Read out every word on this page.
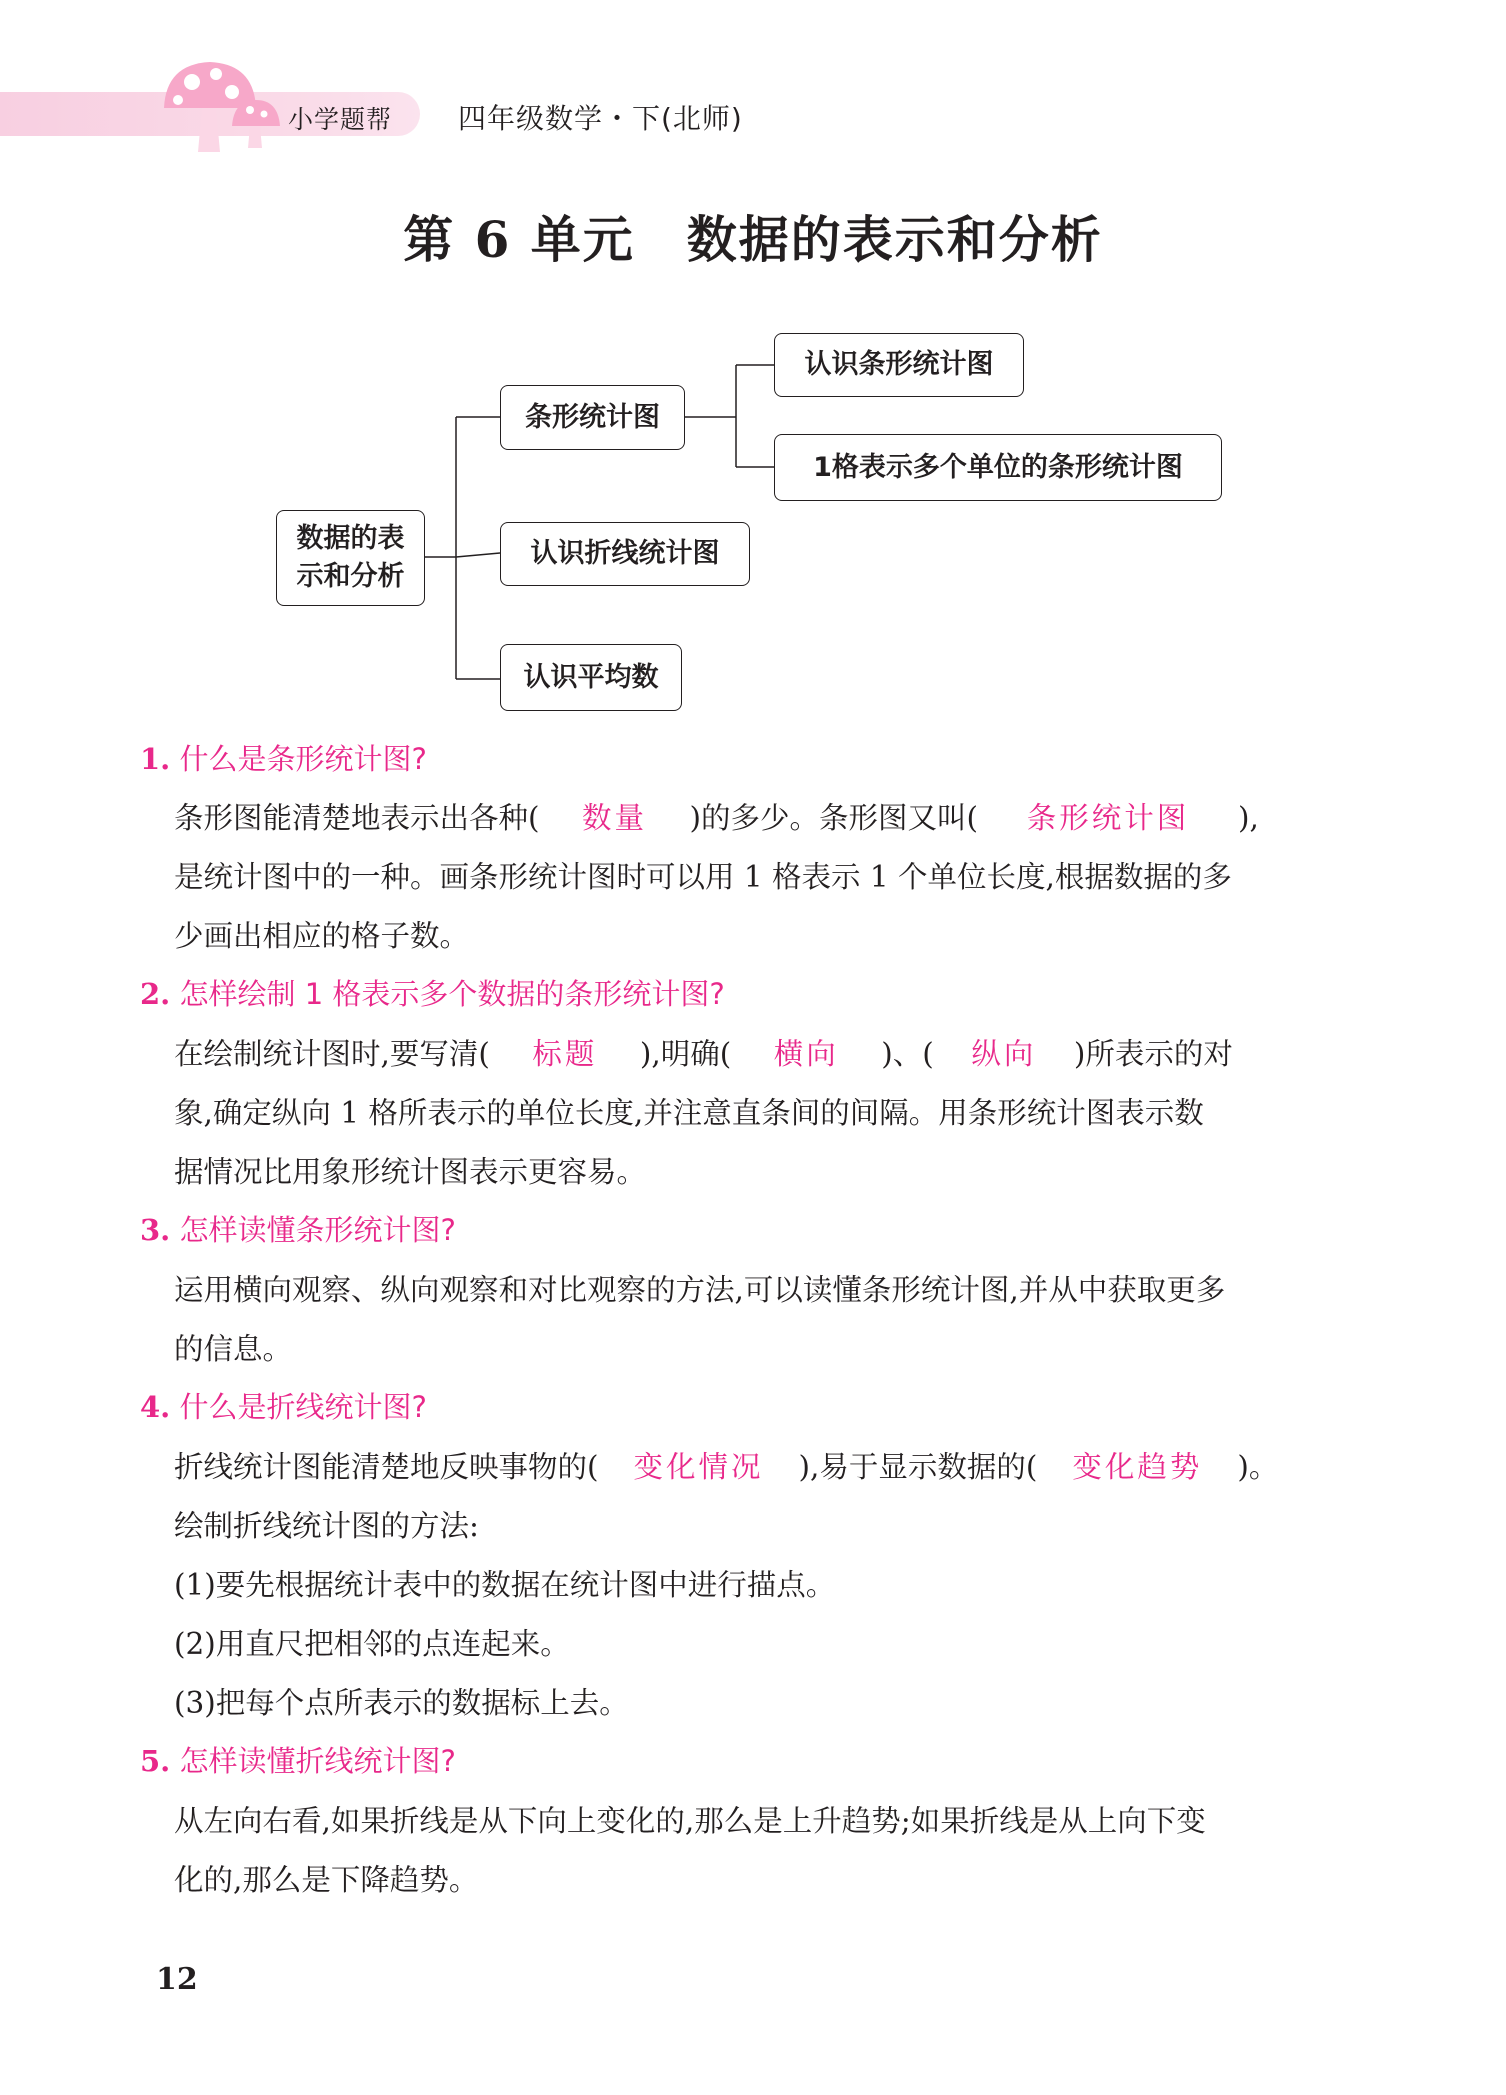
小学题帮 四年级数学・下(北师)
第 6 单元 数据的表示和分析
数据的表
示和分析
条形统计图
认识折线统计图
认识平均数
认识条形统计图
1格表示多个单位的条形统计图
1. 什么是条形统计图?
条形图能清楚地表示出各种( 数量 )的多少。条形图又叫( 条形统计图 ),
是统计图中的一种。画条形统计图时可以用 1 格表示 1 个单位长度,根据数据的多
少画出相应的格子数。
2. 怎样绘制 1 格表示多个数据的条形统计图?
在绘制统计图时,要写清( 标题 ),明确( 横向 )、( 纵向 )所表示的对
象,确定纵向 1 格所表示的单位长度,并注意直条间的间隔。用条形统计图表示数
据情况比用象形统计图表示更容易。
3. 怎样读懂条形统计图?
运用横向观察、纵向观察和对比观察的方法,可以读懂条形统计图,并从中获取更多
的信息。
4. 什么是折线统计图?
折线统计图能清楚地反映事物的( 变化情况 ),易于显示数据的( 变化趋势 )。
绘制折线统计图的方法:
(1)要先根据统计表中的数据在统计图中进行描点。
(2)用直尺把相邻的点连起来。
(3)把每个点所表示的数据标上去。
5. 怎样读懂折线统计图?
从左向右看,如果折线是从下向上变化的,那么是上升趋势;如果折线是从上向下变
化的,那么是下降趋势。
12
